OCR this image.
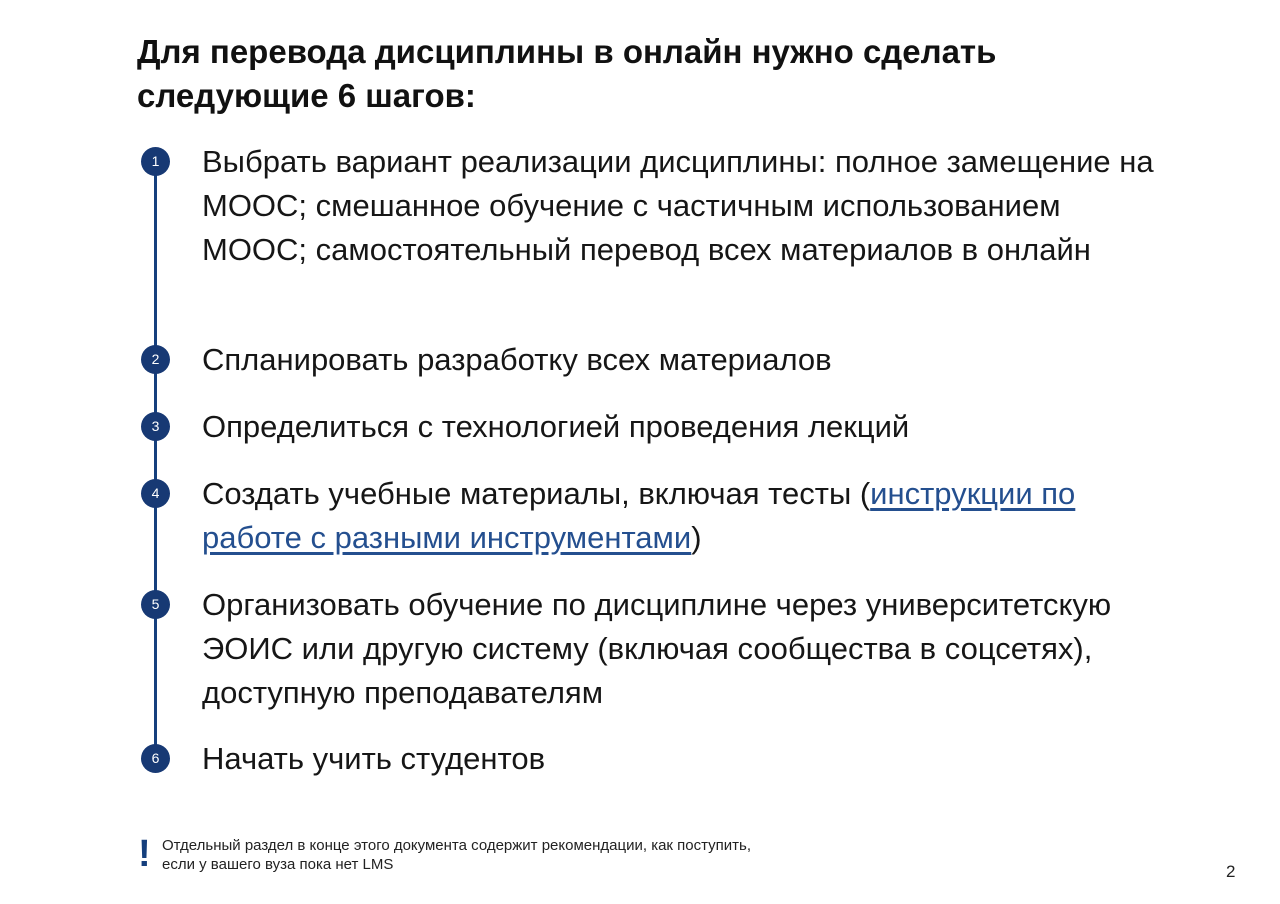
Для перевода дисциплины в онлайн нужно сделать следующие 6 шагов:
1	Выбрать вариант реализации дисциплины: полное замещение на МООС; смешанное обучение с частичным использованием МООС; самостоятельный перевод всех материалов в онлайн

2	Спланировать разработку всех материалов

3	Определиться с технологией проведения лекций

4	Создать учебные материалы, включая тесты (инструкции по работе с разными инструментами)

5	Организовать обучение по дисциплине через университетскую ЭОИС или другую систему (включая сообщества в соцсетях), доступную преподавателям

6	Начать учить студентов

! Отдельный раздел в конце этого документа содержит рекомендации, как поступить, если у вашего вуза пока нет LMS	2
